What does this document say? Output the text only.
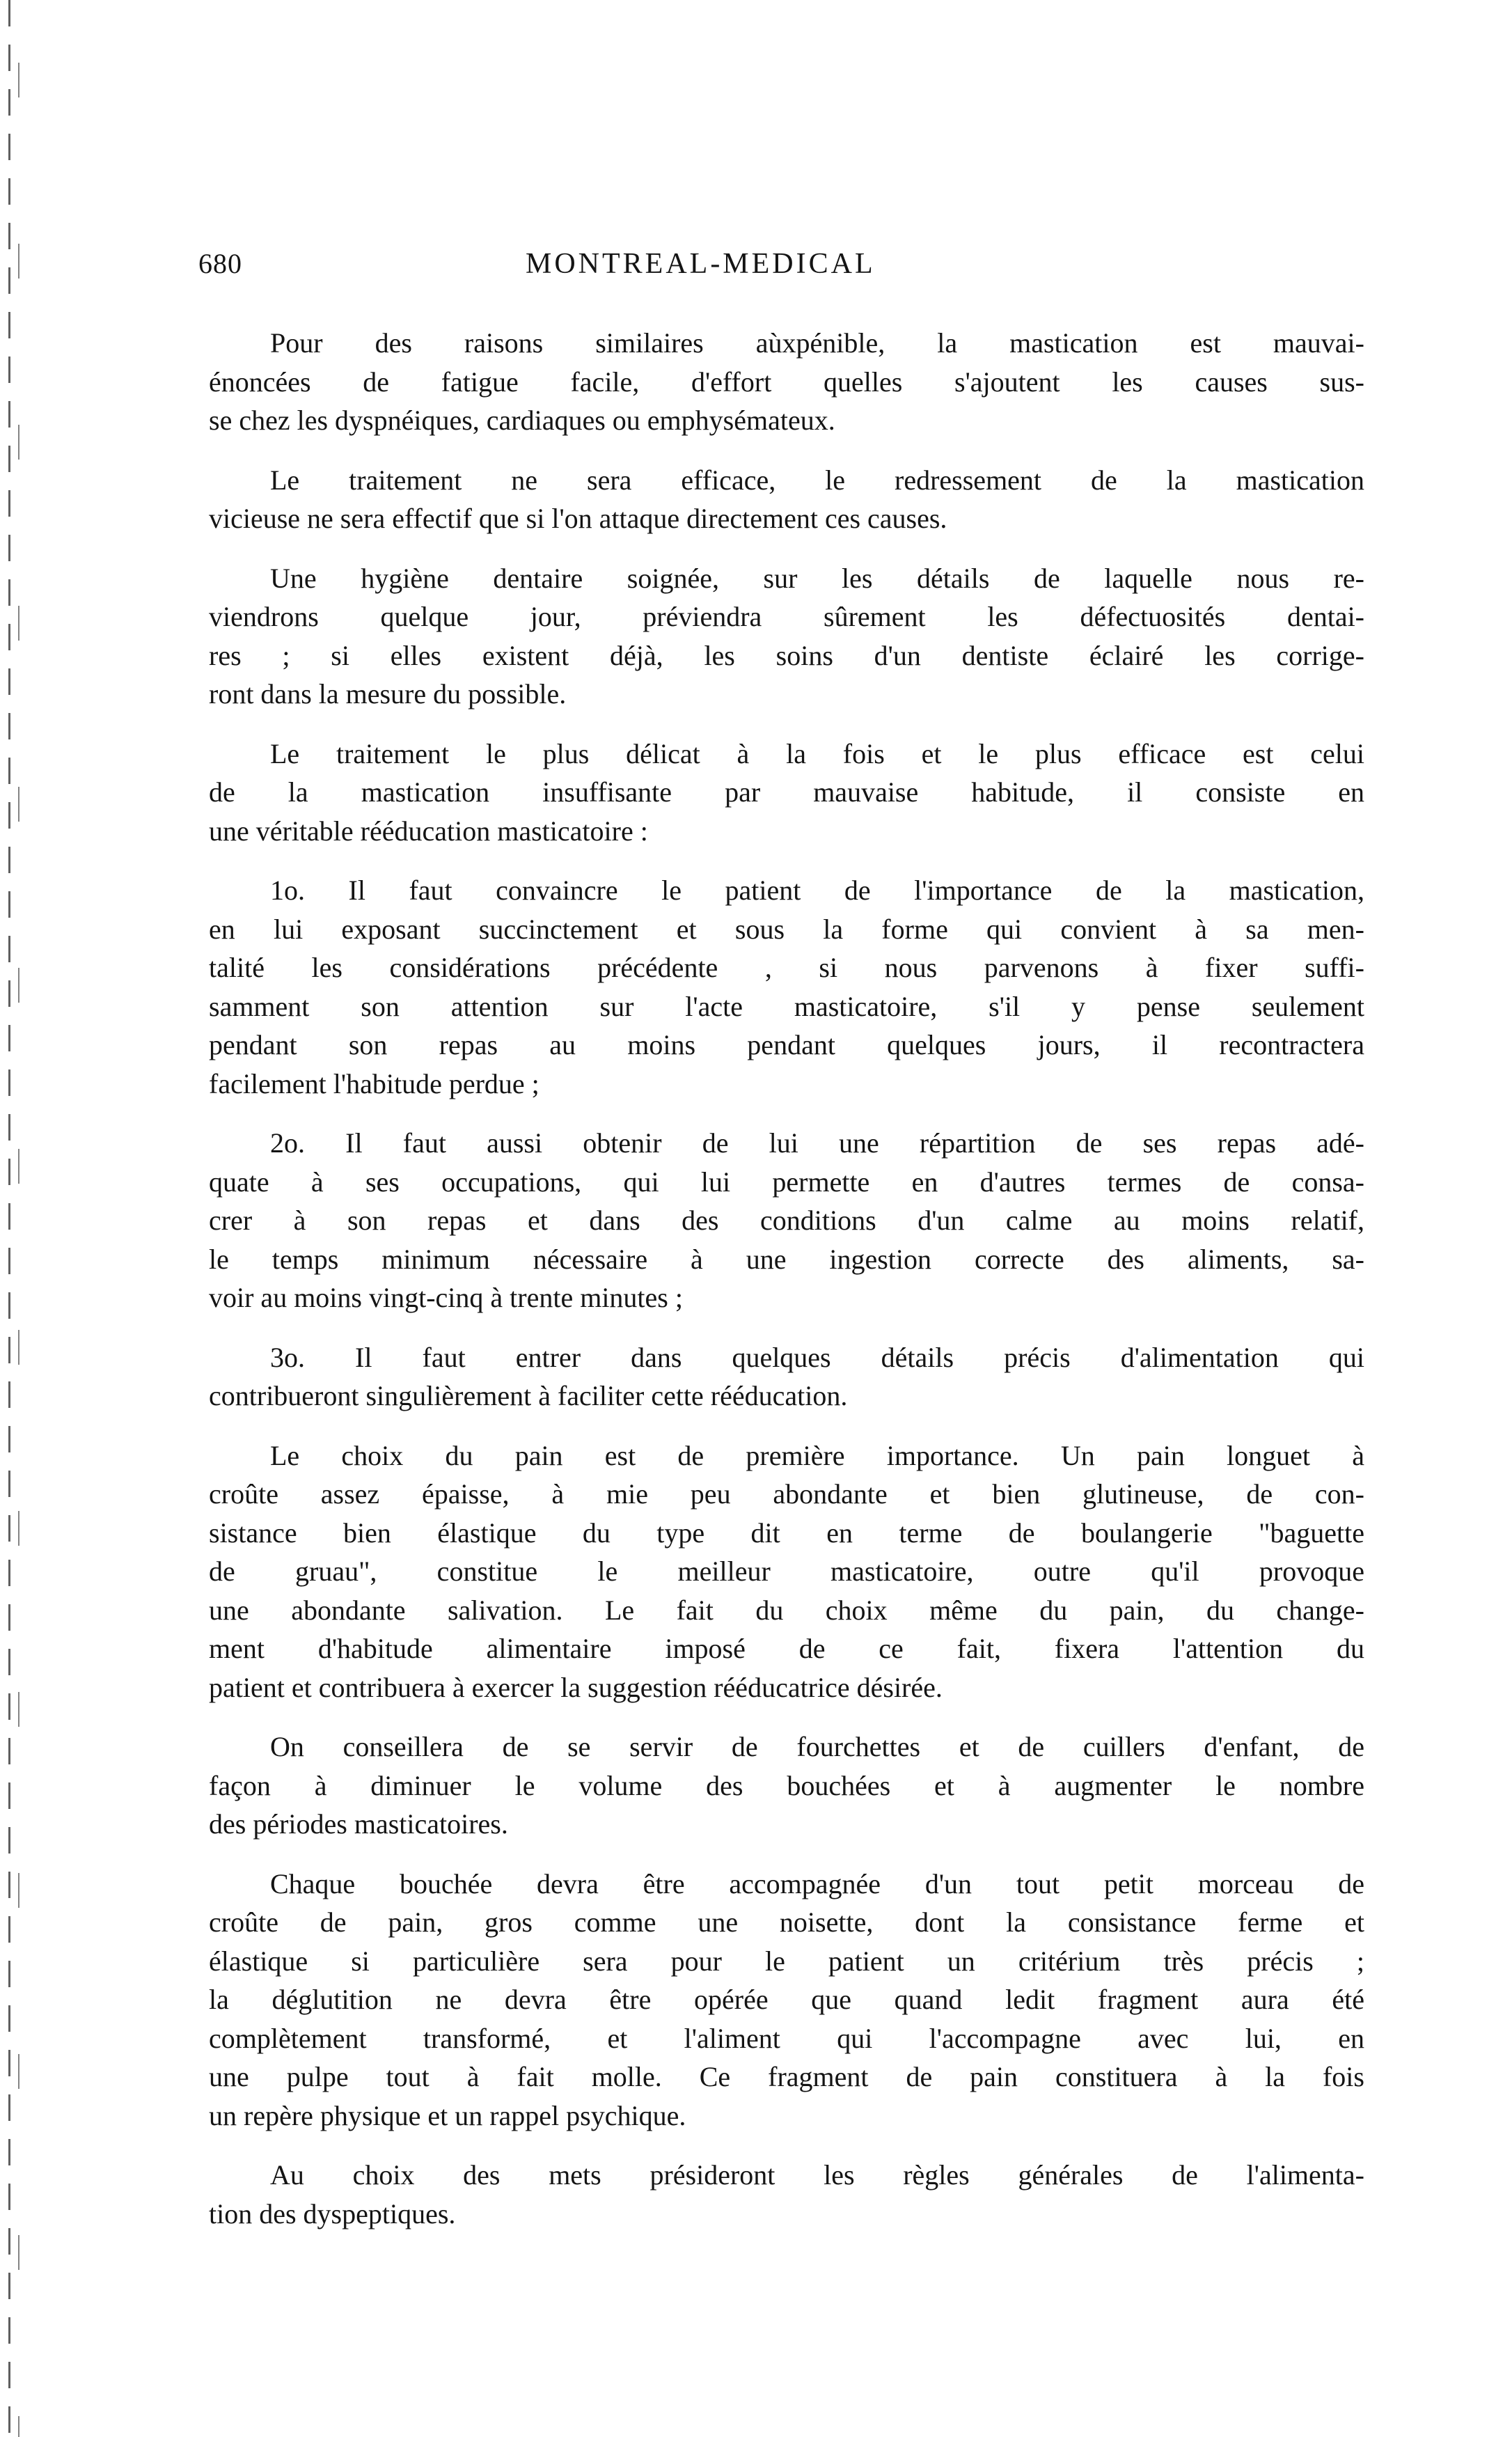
680	MONTREAL-MEDICAL
Pour des raisons similaires aùxpénible, la mastication est mauvai-
énoncées de fatigue facile, d'effort quelles s'ajoutent les causes sus-
se chez les dyspnéiques, cardiaques ou emphysémateux.
Le traitement ne sera efficace, le redressement de la mastication
vicieuse ne sera effectif que si l'on attaque directement ces causes.
Une hygiène dentaire soignée, sur les détails de laquelle nous re-
viendrons quelque jour, préviendra sûrement les défectuosités dentai-
res ; si elles existent déjà, les soins d'un dentiste éclairé les corrige-
ront dans la mesure du possible.
Le traitement le plus délicat à la fois et le plus efficace est celui
de la mastication insuffisante par mauvaise habitude, il consiste en
une véritable rééducation masticatoire :
1o. Il faut convaincre le patient de l'importance de la mastication,
en lui exposant succinctement et sous la forme qui convient à sa men-
talité les considérations précédente , si nous parvenons à fixer suffi-
samment son attention sur l'acte masticatoire, s'il y pense seulement
pendant son repas au moins pendant quelques jours, il recontractera
facilement l'habitude perdue ;
2o. Il faut aussi obtenir de lui une répartition de ses repas adé-
quate à ses occupations, qui lui permette en d'autres termes de consa-
crer à son repas et dans des conditions d'un calme au moins relatif,
le temps minimum nécessaire à une ingestion correcte des aliments, sa-
voir au moins vingt-cinq à trente minutes ;
3o. Il faut entrer dans quelques détails précis d'alimentation qui
contribueront singulièrement à faciliter cette rééducation.
Le choix du pain est de première importance. Un pain longuet à
croûte assez épaisse, à mie peu abondante et bien glutineuse, de con-
sistance bien élastique du type dit en terme de boulangerie "baguette
de gruau", constitue le meilleur masticatoire, outre qu'il provoque
une abondante salivation. Le fait du choix même du pain, du change-
ment d'habitude alimentaire imposé de ce fait, fixera l'attention du
patient et contribuera à exercer la suggestion rééducatrice désirée.
On conseillera de se servir de fourchettes et de cuillers d'enfant, de
façon à diminuer le volume des bouchées et à augmenter le nombre
des périodes masticatoires.
Chaque bouchée devra être accompagnée d'un tout petit morceau de
croûte de pain, gros comme une noisette, dont la consistance ferme et
élastique si particulière sera pour le patient un critérium très précis ;
la déglutition ne devra être opérée que quand ledit fragment aura été
complètement transformé, et l'aliment qui l'accompagne avec lui, en
une pulpe tout à fait molle. Ce fragment de pain constituera à la fois
un repère physique et un rappel psychique.
Au choix des mets présideront les règles générales de l'alimenta-
tion des dyspeptiques.
